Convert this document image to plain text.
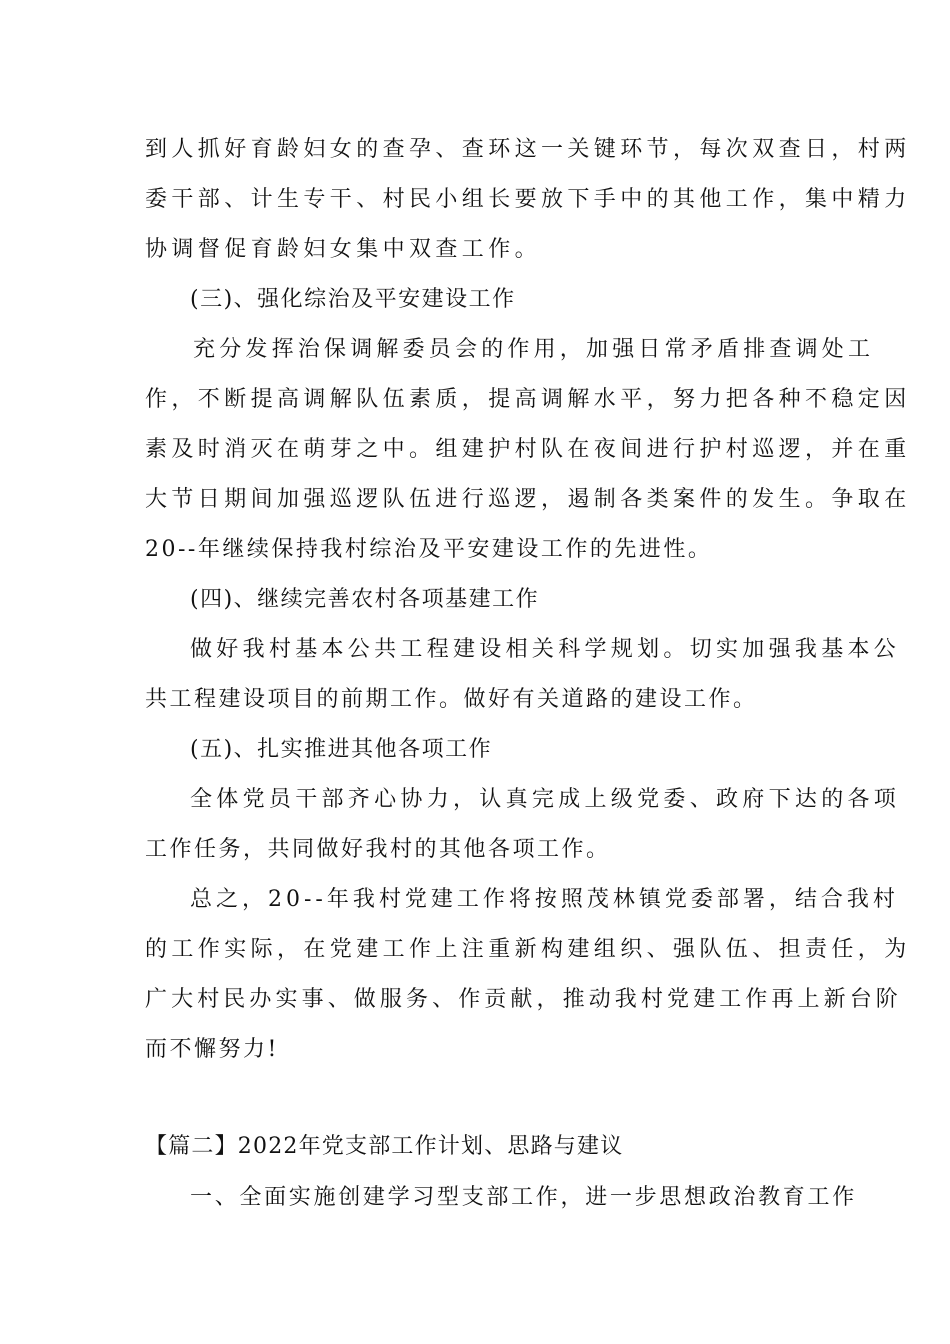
到人抓好育龄妇女的查孕、查环这一关键环节，每次双查日，村两

委干部、计生专干、村民小组长要放下手中的其他工作，集中精力

协调督促育龄妇女集中双查工作。

(三)、强化综治及平安建设工作

充分发挥治保调解委员会的作用，加强日常矛盾排查调处工

作，不断提高调解队伍素质，提高调解水平，努力把各种不稳定因

素及时消灭在萌芽之中。组建护村队在夜间进行护村巡逻，并在重

大节日期间加强巡逻队伍进行巡逻，遏制各类案件的发生。争取在

20--年继续保持我村综治及平安建设工作的先进性。

(四)、继续完善农村各项基建工作

做好我村基本公共工程建设相关科学规划。切实加强我基本公

共工程建设项目的前期工作。做好有关道路的建设工作。

(五)、扎实推进其他各项工作

全体党员干部齐心协力，认真完成上级党委、政府下达的各项

工作任务，共同做好我村的其他各项工作。

总之，20--年我村党建工作将按照茂林镇党委部署，结合我村

的工作实际，在党建工作上注重新构建组织、强队伍、担责任，为

广大村民办实事、做服务、作贡献，推动我村党建工作再上新台阶

而不懈努力!

【篇二】2022年党支部工作计划、思路与建议

一、全面实施创建学习型支部工作，进一步思想政治教育工作
